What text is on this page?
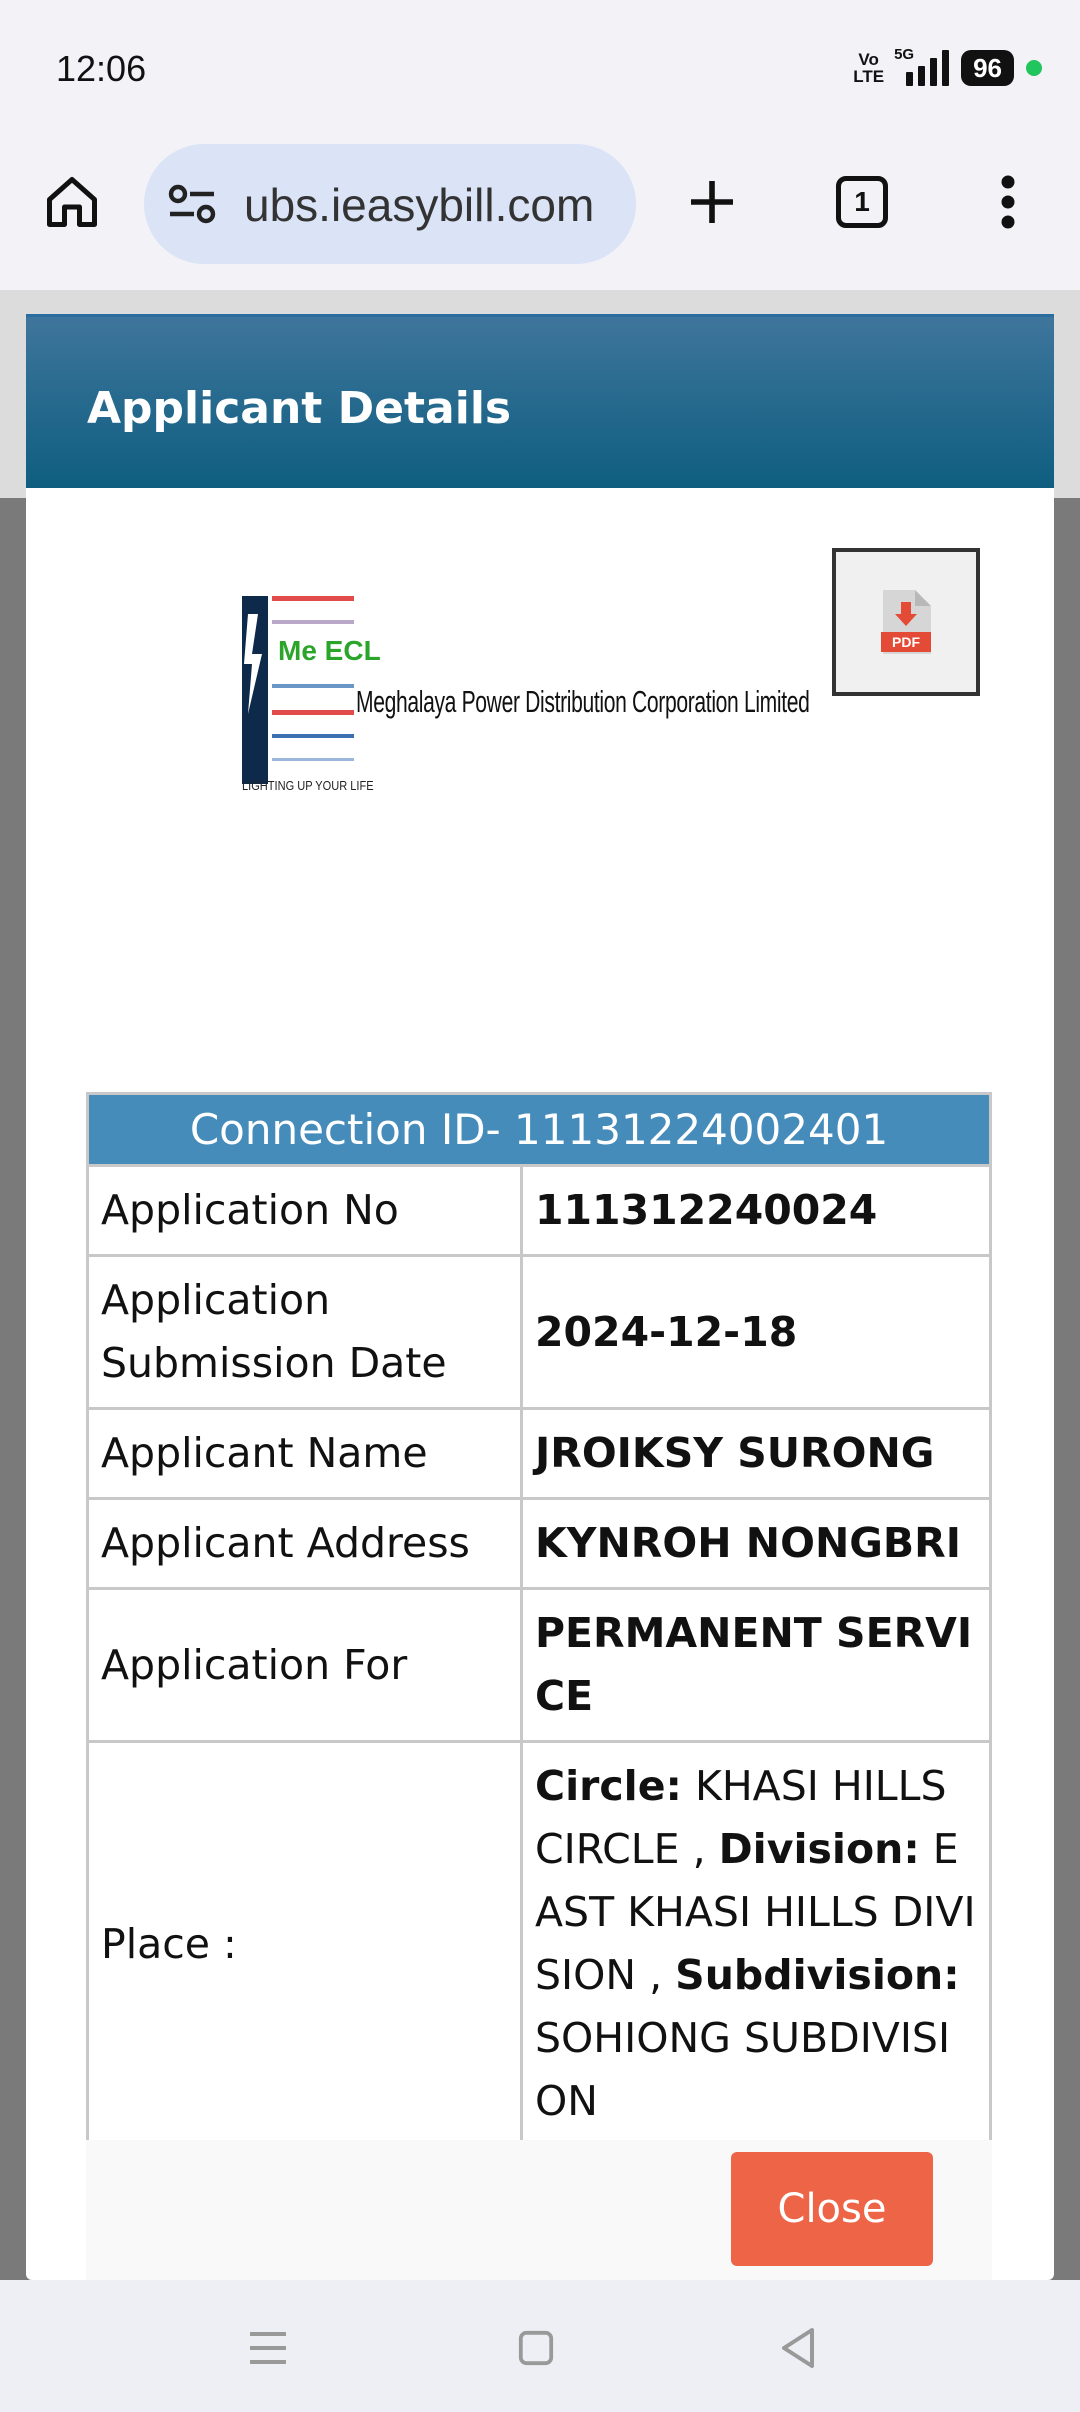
12:06	Vo
LTE
5G	96
ubs.ieasybill.com	1
Applicant Details
Me ECL
Meghalaya Power Distribution Corporation Limited
LIGHTING UP YOUR LIFE
PDF
Connection ID- 11131224002401	
Application No	111312240024
Application Submission Date	2024-12-18
Applicant Name	JROIKSY SURONG
Applicant Address	KYNROH NONGBRI
Application For	PERMANENT SERVICE
Place :	Circle: KHASI HILLS CIRCLE , Division: EAST KHASI HILLS DIVISION , Subdivision: SOHIONG SUBDIVISION
Close
